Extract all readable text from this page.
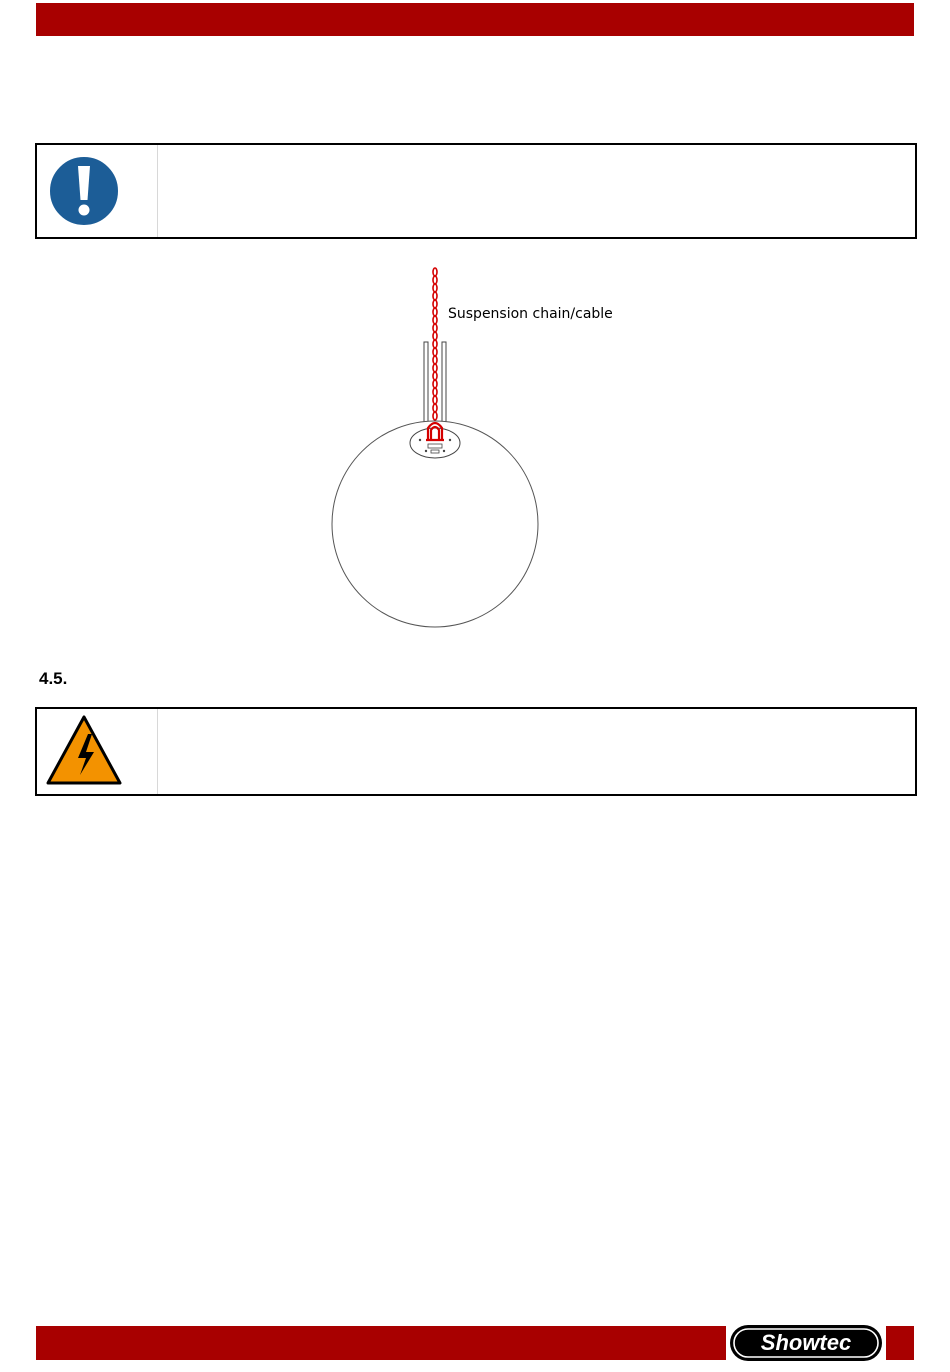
Suspension chain/cable
4.5.
Showtec
